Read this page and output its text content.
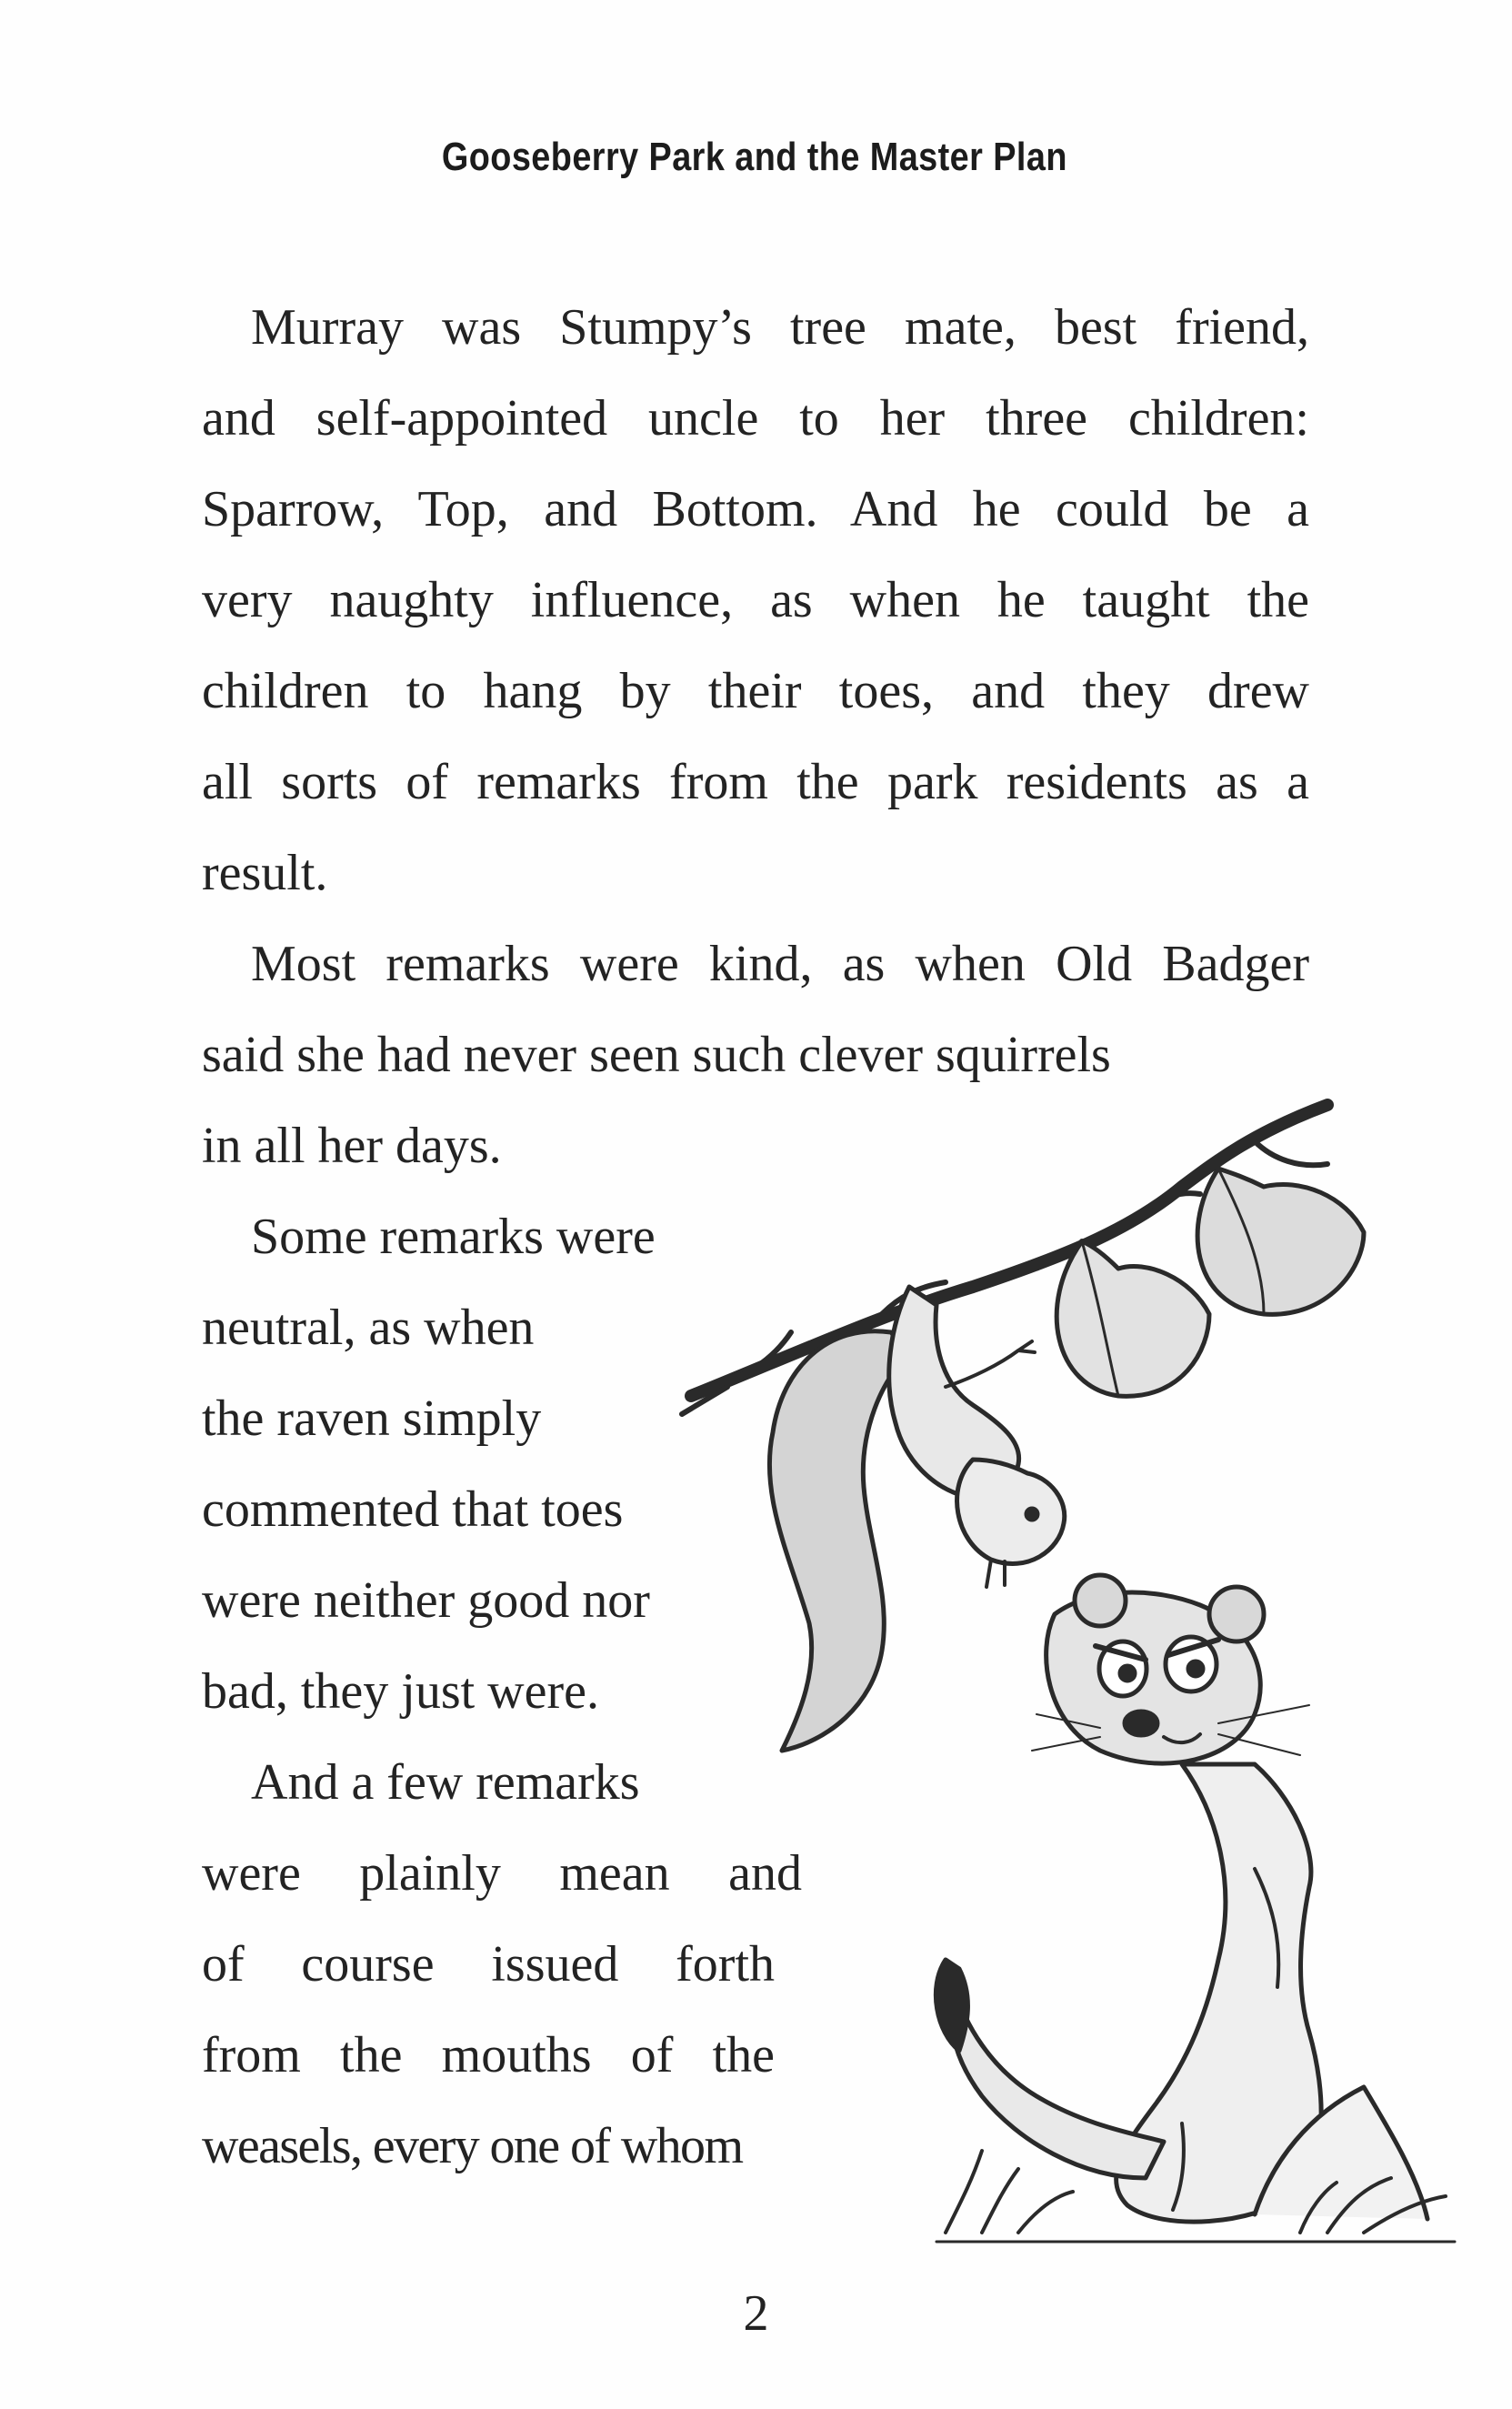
Gooseberry Park and the Master Plan
Murray was Stumpy’s tree mate, best friend,
and self-appointed uncle to her three children:
Sparrow, Top, and Bottom. And he could be a
very naughty influence, as when he taught the
children to hang by their toes, and they drew
all sorts of remarks from the park residents as a
result.
Most remarks were kind, as when Old Badger
said she had never seen such clever squirrels
in all her days.
Some remarks were
neutral, as when
the raven simply
commented that toes
were neither good nor
bad, they just were.
And a few remarks
were plainly mean and
of course issued forth
from the mouths of the
weasels, every one of whom
2
